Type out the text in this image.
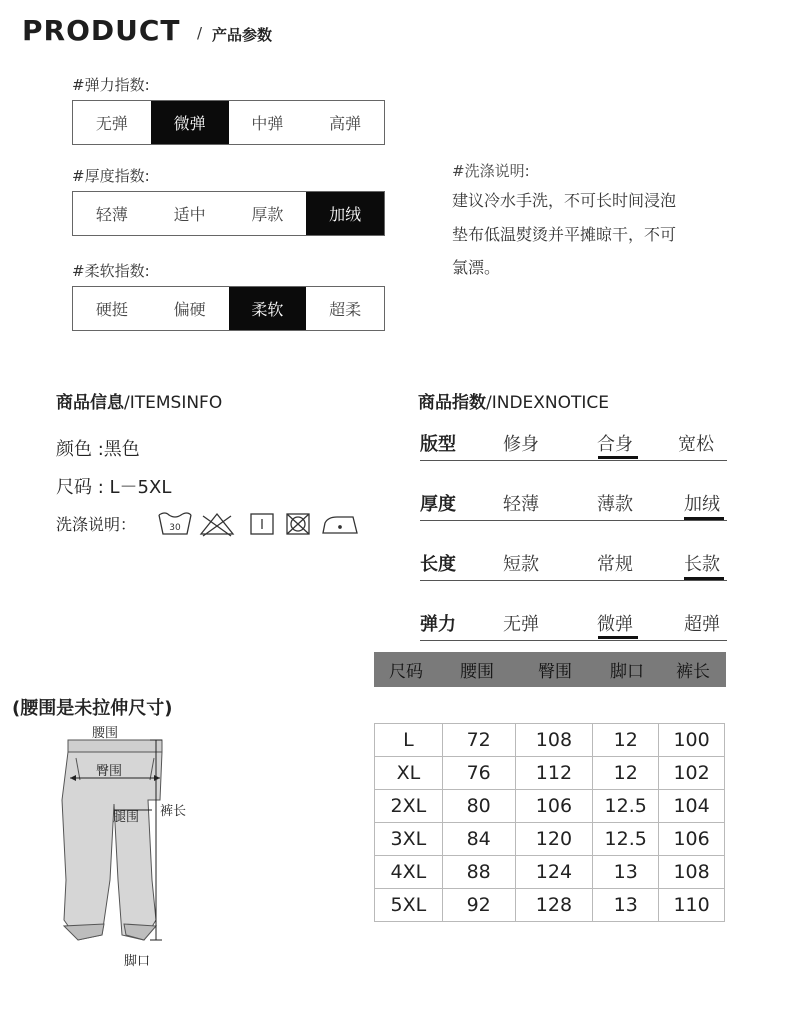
PRODUCT / 产品参数
#弹力指数:
无弹	微弹	中弹	高弹
#厚度指数:
轻薄	适中	厚款	加绒
#柔软指数:
硬挺	偏硬	柔软	超柔
#洗涤说明:
建议冷水手洗，不可长时间浸泡
垫布低温熨烫并平摊晾干，不可
氯漂。
商品信息/ITEMSINFO
颜色 :黑色
尺码 : L－5XL
洗涤说明：	30
商品指数/INDEXNOTICE
版型	修身	合身	宽松
厚度	轻薄	薄款	加绒
长度	短款	常规	长款
弹力	无弹	微弹	超弹
尺码	腰围	臀围	脚口	裤长
L	72	108	12	100
XL	76	112	12	102
2XL	80	106	12.5	104
3XL	84	120	12.5	106
4XL	88	124	13	108
5XL	92	128	13	110
(腰围是未拉伸尺寸)
腰围
臀围
腿围 裤长
脚口
